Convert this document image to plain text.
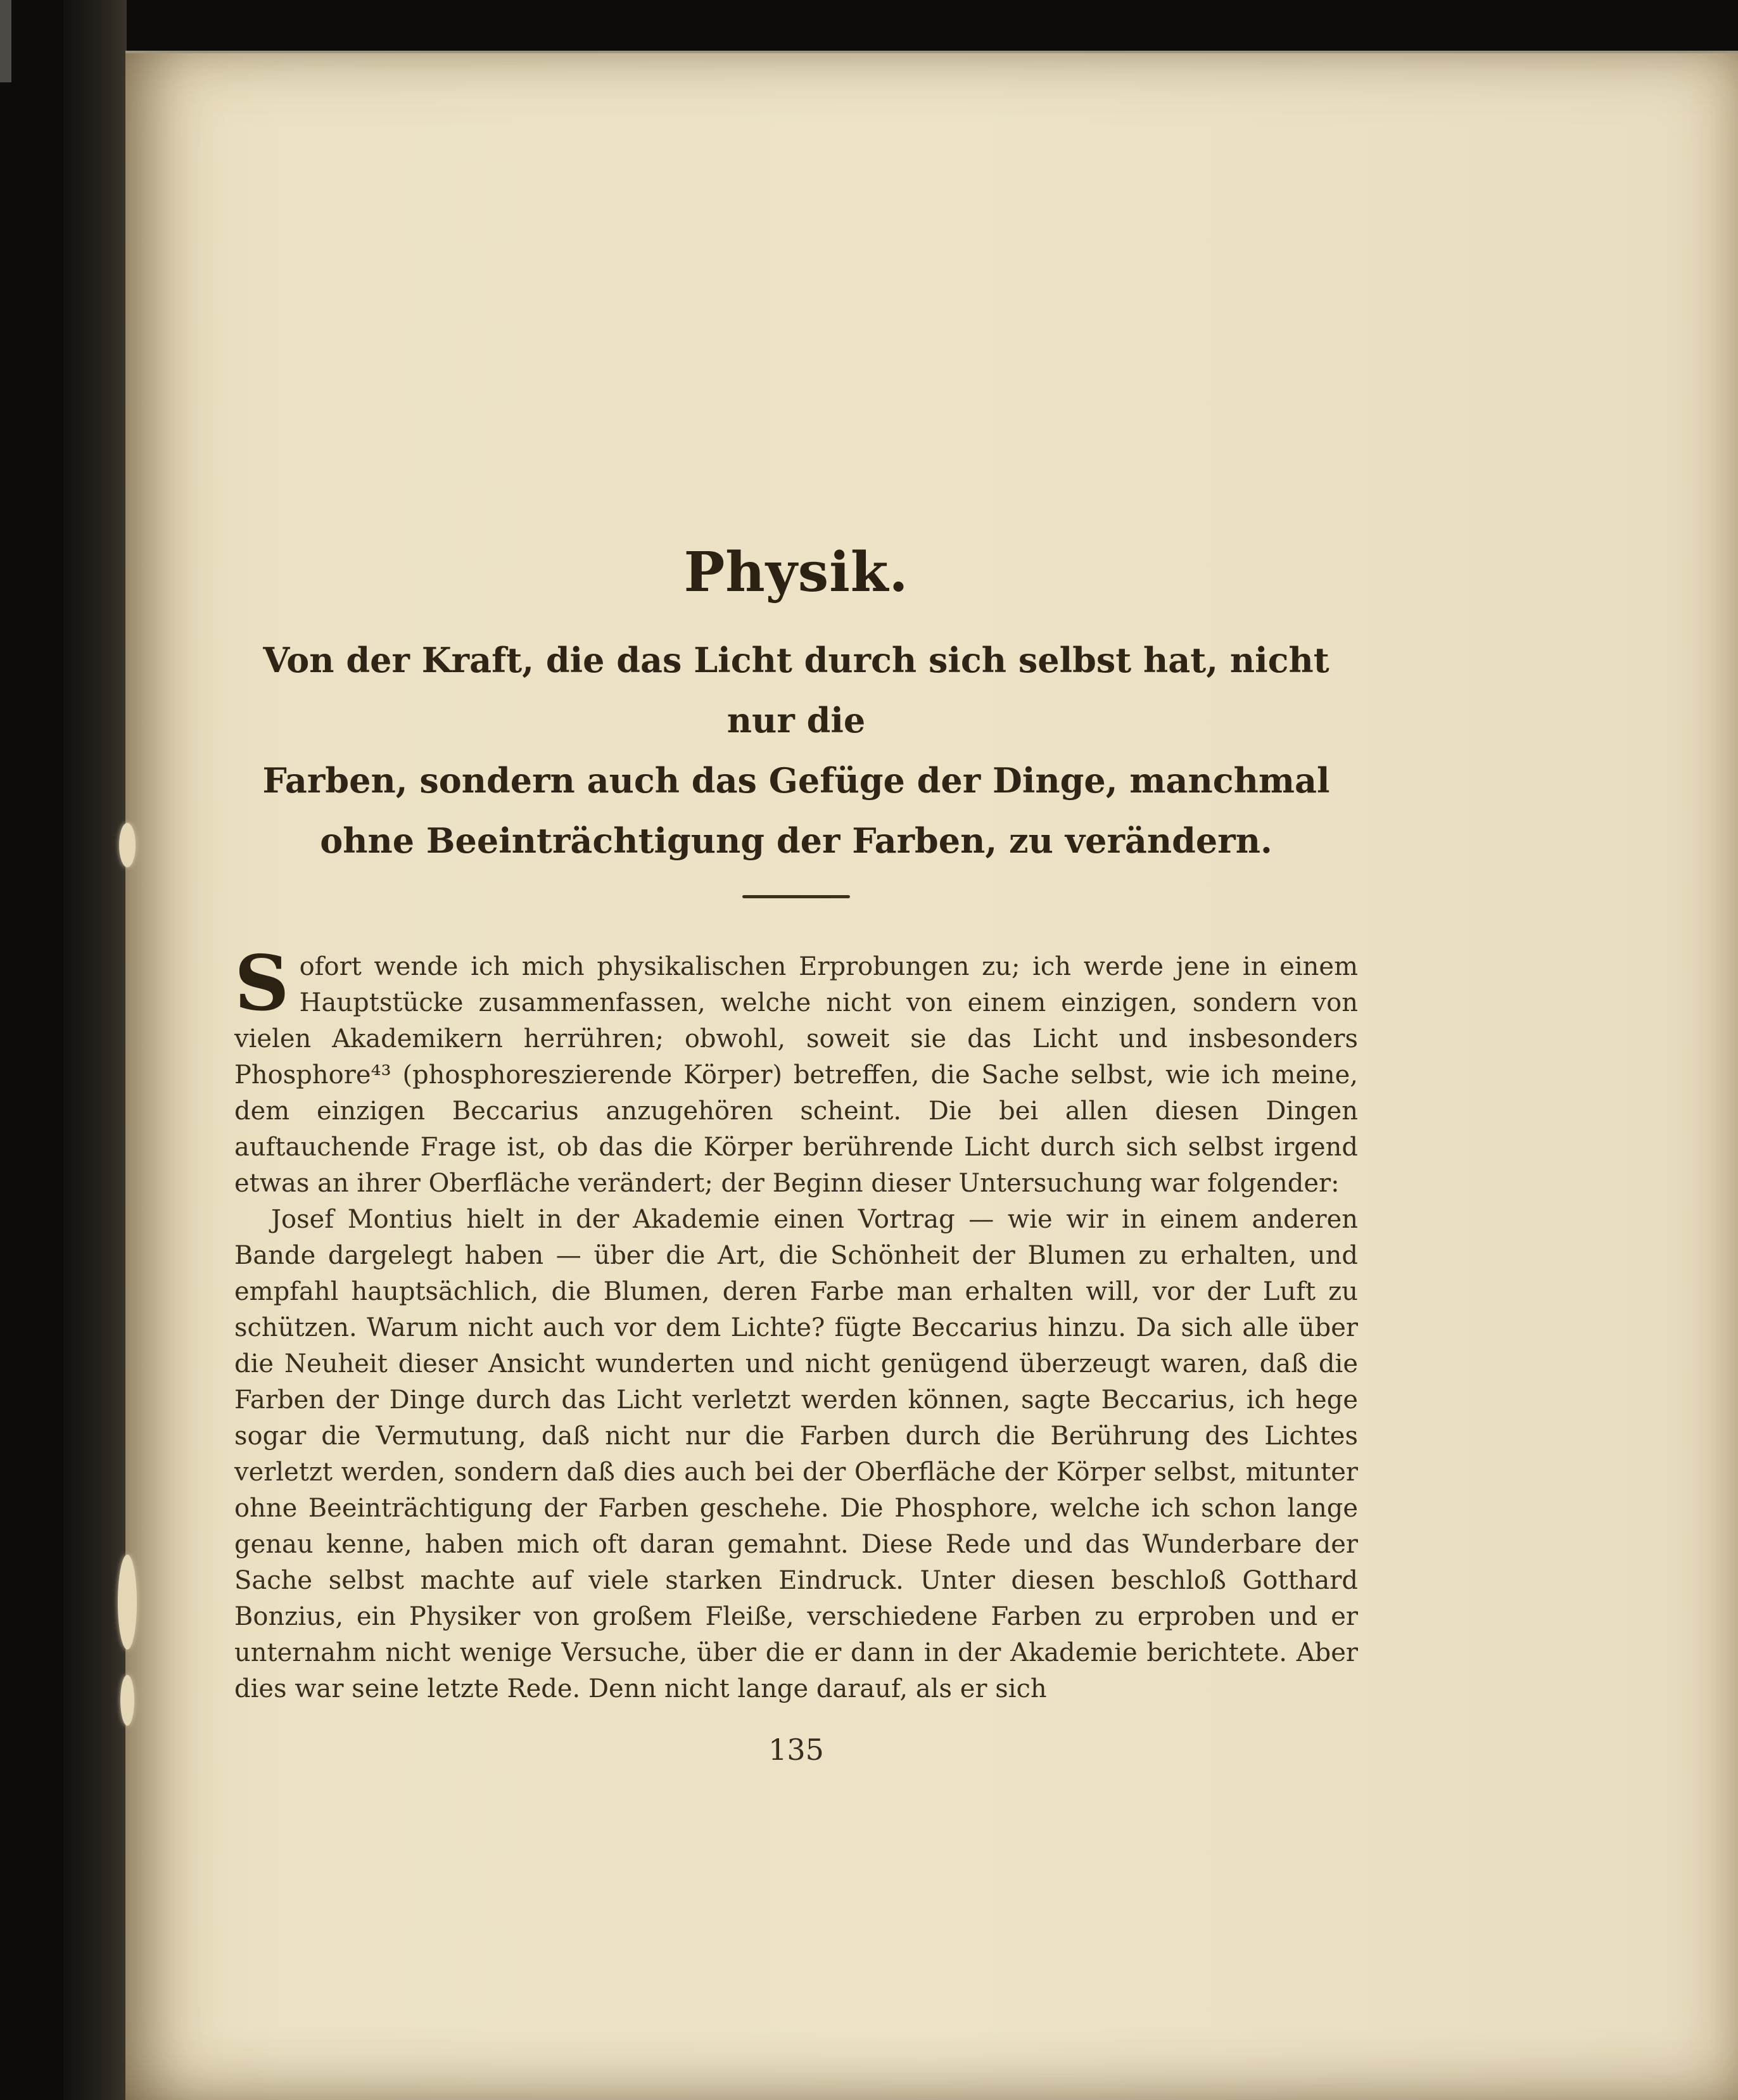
Physik.
Von der Kraft, die das Licht durch sich selbst hat, nicht nur die
Farben, sondern auch das Gefüge der Dinge, manchmal
ohne Beeinträchtigung der Farben, zu verändern.

Sofort wende ich mich physikalischen Erprobungen zu; ich werde jene in einem Hauptstücke zusammenfassen, welche nicht von einem einzigen, sondern von vielen Akademikern herrühren; obwohl, soweit sie das Licht und insbesonders Phosphore⁴³ (phosphoreszierende Körper) betreffen, die Sache selbst, wie ich meine, dem einzigen Beccarius anzugehören scheint. Die bei allen diesen Dingen auftauchende Frage ist, ob das die Körper berührende Licht durch sich selbst irgend etwas an ihrer Oberfläche verändert; der Beginn dieser Untersuchung war folgender:

Josef Montius hielt in der Akademie einen Vortrag — wie wir in einem anderen Bande dargelegt haben — über die Art, die Schönheit der Blumen zu erhalten, und empfahl hauptsächlich, die Blumen, deren Farbe man erhalten will, vor der Luft zu schützen. Warum nicht auch vor dem Lichte? fügte Beccarius hinzu. Da sich alle über die Neuheit dieser Ansicht wunderten und nicht genügend überzeugt waren, daß die Farben der Dinge durch das Licht verletzt werden können, sagte Beccarius, ich hege sogar die Vermutung, daß nicht nur die Farben durch die Berührung des Lichtes verletzt werden, sondern daß dies auch bei der Oberfläche der Körper selbst, mitunter ohne Beeinträchtigung der Farben geschehe. Die Phosphore, welche ich schon lange genau kenne, haben mich oft daran gemahnt. Diese Rede und das Wunderbare der Sache selbst machte auf viele starken Eindruck. Unter diesen beschloß Gotthard Bonzius, ein Physiker von großem Fleiße, verschiedene Farben zu erproben und er unternahm nicht wenige Versuche, über die er dann in der Akademie berichtete. Aber dies war seine letzte Rede. Denn nicht lange darauf, als er sich

135
